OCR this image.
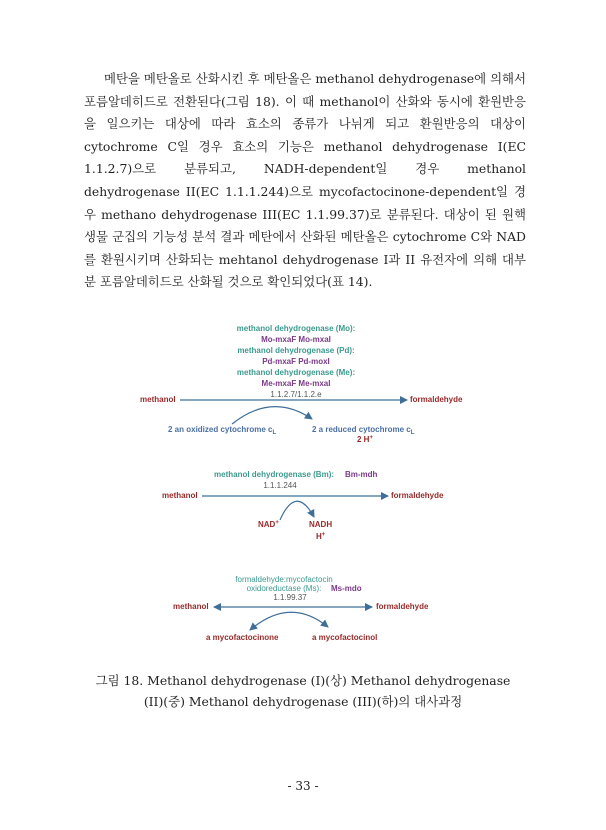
메탄을 메탄올로 산화시킨 후 메탄올은 methanol dehydrogenase에 의해서 포름알데히드로 전환된다(그림 18). 이 때 methanol이 산화와 동시에 환원반응을 일으키는 대상에 따라 효소의 종류가 나뉘게 되고 환원반응의 대상이 cytochrome C일 경우 효소의 기능은 methanol dehydrogenase I(EC 1.1.2.7)으로 분류되고, NADH-dependent일 경우 methanol dehydrogenase II(EC 1.1.1.244)으로 mycofactocinone-dependent일 경우 methano dehydrogenase III(EC 1.1.99.37)로 분류된다. 대상이 된 원핵생물 군집의 기능성 분석 결과 메탄에서 산화된 메탄올은 cytochrome C와 NAD를 환원시키며 산화되는 mehtanol dehydrogenase I과 II 유전자에 의해 대부분 포름알데히드로 산화될 것으로 확인되었다(표 14).

methanol dehydrogenase (Mo):
Mo-mxaF Mo-mxaI
methanol dehydrogenase (Pd):
Pd-mxaF Pd-moxI
methanol dehydrogenase (Me):
Me-mxaF Me-mxaI
1.1.2.7/1.1.2.e
methanol	formaldehyde
2 an oxidized cytochrome $c_L$	2 a reduced cytochrome $c_L$
2 H+
methanol dehydrogenase (Bm): Bm-mdh
1.1.1.244
methanol	formaldehyde
NAD+	NADH
H+
formaldehyde:mycofactocin
oxidoreductase (Ms): Ms-mdo
1.1.99.37
methanol	formaldehyde
a mycofactocinone	a mycofactocinol
그림 18. Methanol dehydrogenase (I)(상) Methanol dehydrogenase
(II)(중) Methanol dehydrogenase (III)(하)의 대사과정
- 33 -
